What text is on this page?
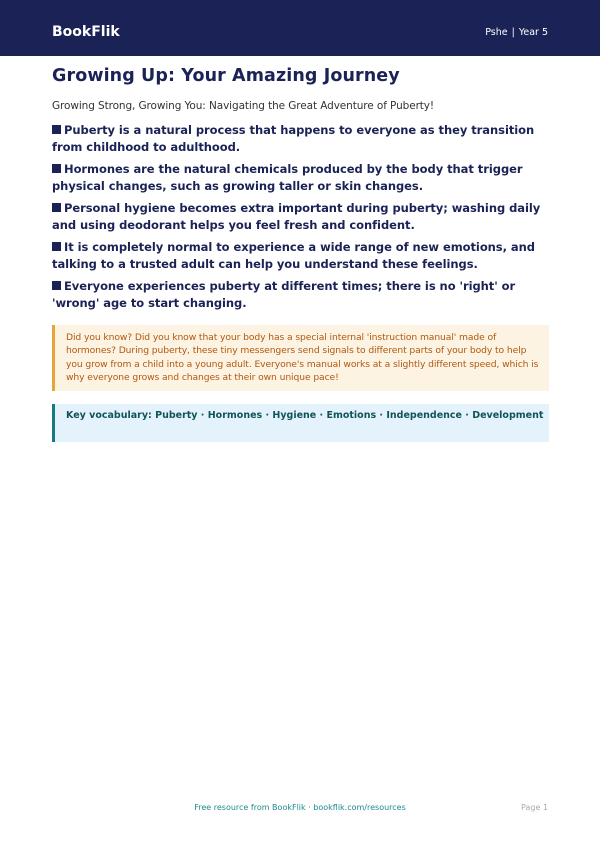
BookFlik	Pshe | Year 5
Growing Up: Your Amazing Journey
Growing Strong, Growing You: Navigating the Great Adventure of Puberty!
Puberty is a natural process that happens to everyone as they transition from childhood to adulthood.
Hormones are the natural chemicals produced by the body that trigger physical changes, such as growing taller or skin changes.
Personal hygiene becomes extra important during puberty; washing daily and using deodorant helps you feel fresh and confident.
It is completely normal to experience a wide range of new emotions, and talking to a trusted adult can help you understand these feelings.
Everyone experiences puberty at different times; there is no 'right' or 'wrong' age to start changing.
Did you know? Did you know that your body has a special internal 'instruction manual' made of hormones? During puberty, these tiny messengers send signals to different parts of your body to help you grow from a child into a young adult. Everyone's manual works at a slightly different speed, which is why everyone grows and changes at their own unique pace!
Key vocabulary: Puberty · Hormones · Hygiene · Emotions · Independence · Development
Free resource from BookFlik · bookflik.com/resources	Page 1
